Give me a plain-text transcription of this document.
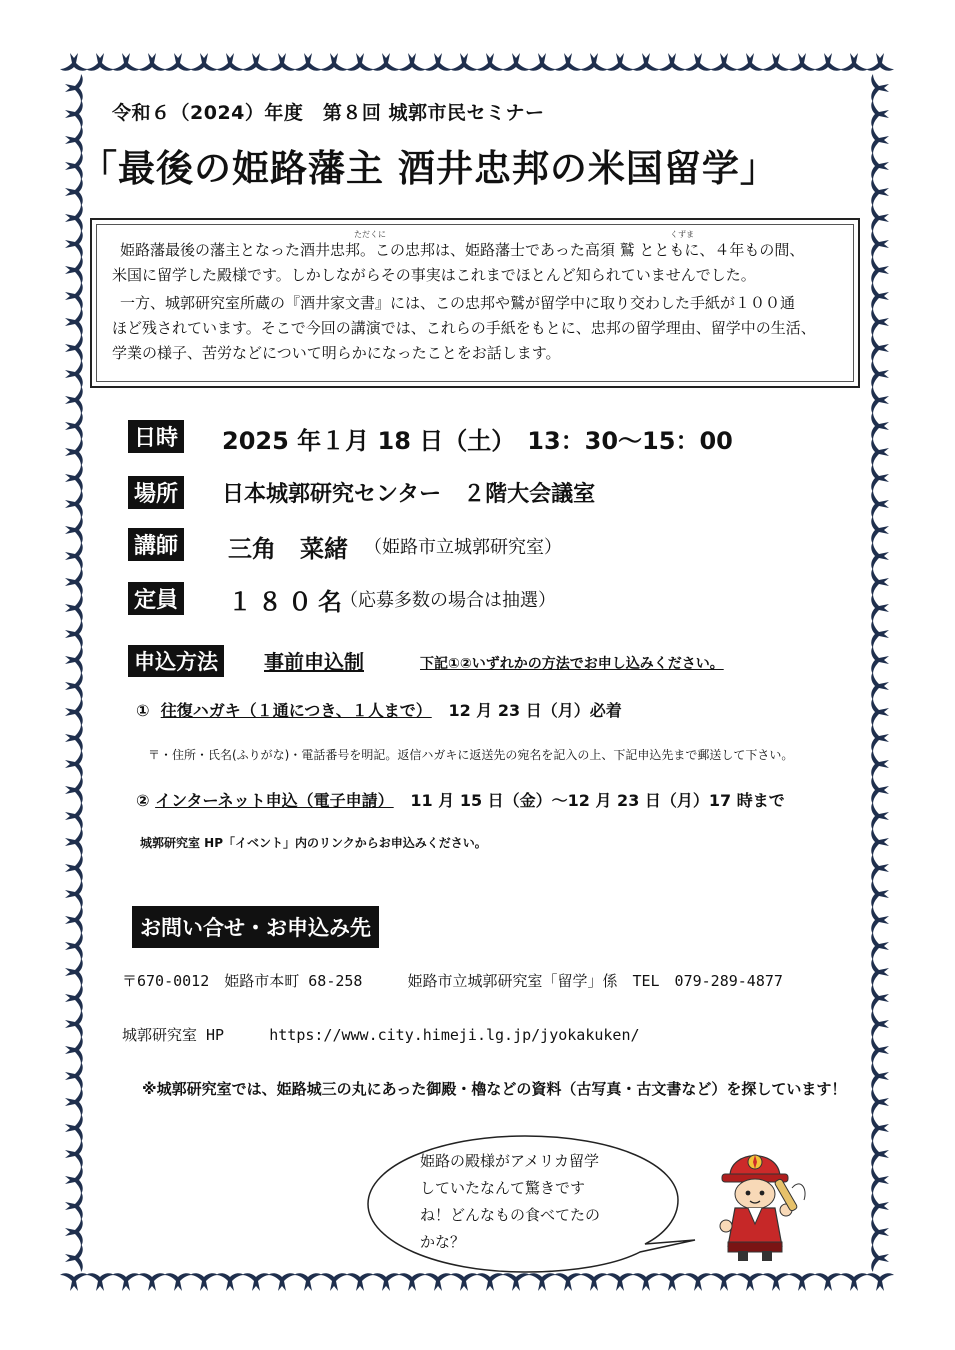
令和６（2024）年度　第８回 城郭市民セミナー
「最後の姫路藩主 酒井忠邦の米国留学」
ただくに	くずま
姫路藩最後の藩主となった酒井忠邦。この忠邦は、姫路藩士であった高須 鷲 とともに、４年もの間、
米国に留学した殿様です。しかしながらその事実はこれまでほとんど知られていませんでした。
一方、城郭研究室所蔵の『酒井家文書』には、この忠邦や鷲が留学中に取り交わした手紙が１００通
ほど残されています。そこで今回の講演では、これらの手紙をもとに、忠邦の留学理由、留学中の生活、
学業の様子、苦労などについて明らかになったことをお話します。
日時 2025 年１月 18 日（土）　13：30〜15：00
場所 日本城郭研究センター　２階大会議室
講師 三角　菜緒 （姫路市立城郭研究室）
定員 １８０名
（応募多数の場合は抽選）
申込方法	事前申込制	下記①②いずれかの方法でお申し込みください。
① 往復ハガキ（１通につき、１人まで） 12 月 23 日（月）必着
〒・住所・氏名(ふりがな)・電話番号を明記。返信ハガキに返送先の宛名を記入の上、下記申込先まで郵送して下さい。
② インターネット申込（電子申請） 11 月 15 日（金）〜12 月 23 日（月）17 時まで
城郭研究室 HP「イベント」内のリンクからお申込みください。
お問い合せ・お申込み先
〒670-0012　姫路市本町 68-258　　　姫路市立城郭研究室「留学」係　TEL　079-289-4877
城郭研究室 HP	https://www.city.himeji.lg.jp/jyokakuken/
※城郭研究室では、姫路城三の丸にあった御殿・櫓などの資料（古写真・古文書など）を探しています！
姫路の殿様がアメリカ留学
していたなんて驚きです
ね！どんなもの食べてたの
かな？
